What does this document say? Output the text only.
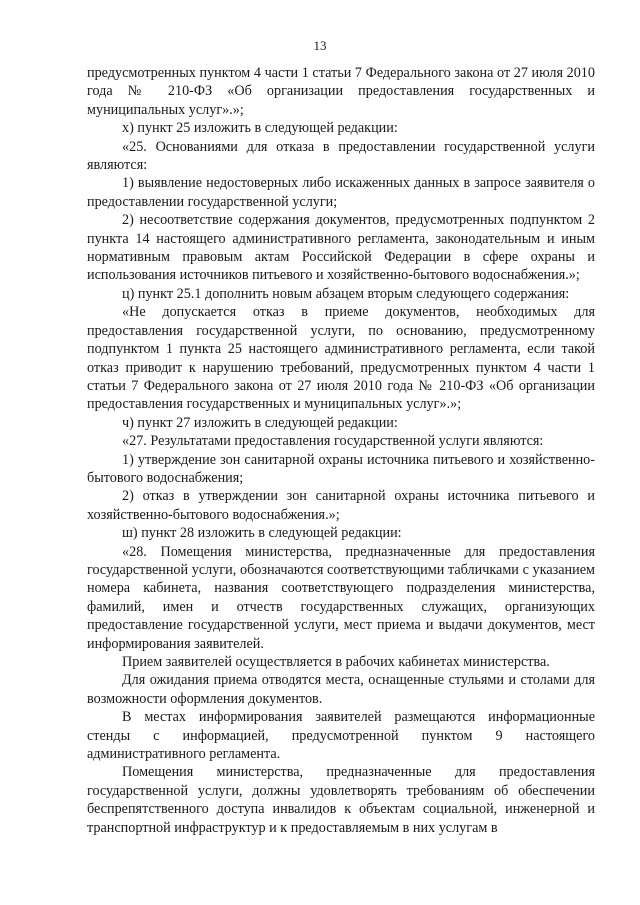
13

предусмотренных пунктом 4 части 1 статьи 7 Федерального закона от 27 июля 2010 года № 210-ФЗ «Об организации предоставления государственных и муниципальных услуг».»;

х) пункт 25 изложить в следующей редакции:

«25. Основаниями для отказа в предоставлении государственной услуги являются:

1) выявление недостоверных либо искаженных данных в запросе заявителя о предоставлении государственной услуги;

2) несоответствие содержания документов, предусмотренных подпунктом 2 пункта 14 настоящего административного регламента, законодательным и иным нормативным правовым актам Российской Федерации в сфере охраны и использования источников питьевого и хозяйственно-бытового водоснабжения.»;

ц) пункт 25.1 дополнить новым абзацем вторым следующего содержания:

«Не допускается отказ в приеме документов, необходимых для предоставления государственной услуги, по основанию, предусмотренному подпунктом 1 пункта 25 настоящего административного регламента, если такой отказ приводит к нарушению требований, предусмотренных пунктом 4 части 1 статьи 7 Федерального закона от 27 июля 2010 года № 210-ФЗ «Об организации предоставления государственных и муниципальных услуг».»;

ч) пункт 27 изложить в следующей редакции:

«27. Результатами предоставления государственной услуги являются:

1) утверждение зон санитарной охраны источника питьевого и хозяйственно-бытового водоснабжения;

2) отказ в утверждении зон санитарной охраны источника питьевого и хозяйственно-бытового водоснабжения.»;

ш) пункт 28 изложить в следующей редакции:

«28. Помещения министерства, предназначенные для предоставления государственной услуги, обозначаются соответствующими табличками с указанием номера кабинета, названия соответствующего подразделения министерства, фамилий, имен и отчеств государственных служащих, организующих предоставление государственной услуги, мест приема и выдачи документов, мест информирования заявителей.

Прием заявителей осуществляется в рабочих кабинетах министерства.

Для ожидания приема отводятся места, оснащенные стульями и столами для возможности оформления документов.

В местах информирования заявителей размещаются информационные стенды с информацией, предусмотренной пунктом 9 настоящего административного регламента.

Помещения министерства, предназначенные для предоставления государственной услуги, должны удовлетворять требованиям об обеспечении беспрепятственного доступа инвалидов к объектам социальной, инженерной и транспортной инфраструктур и к предоставляемым в них услугам в
